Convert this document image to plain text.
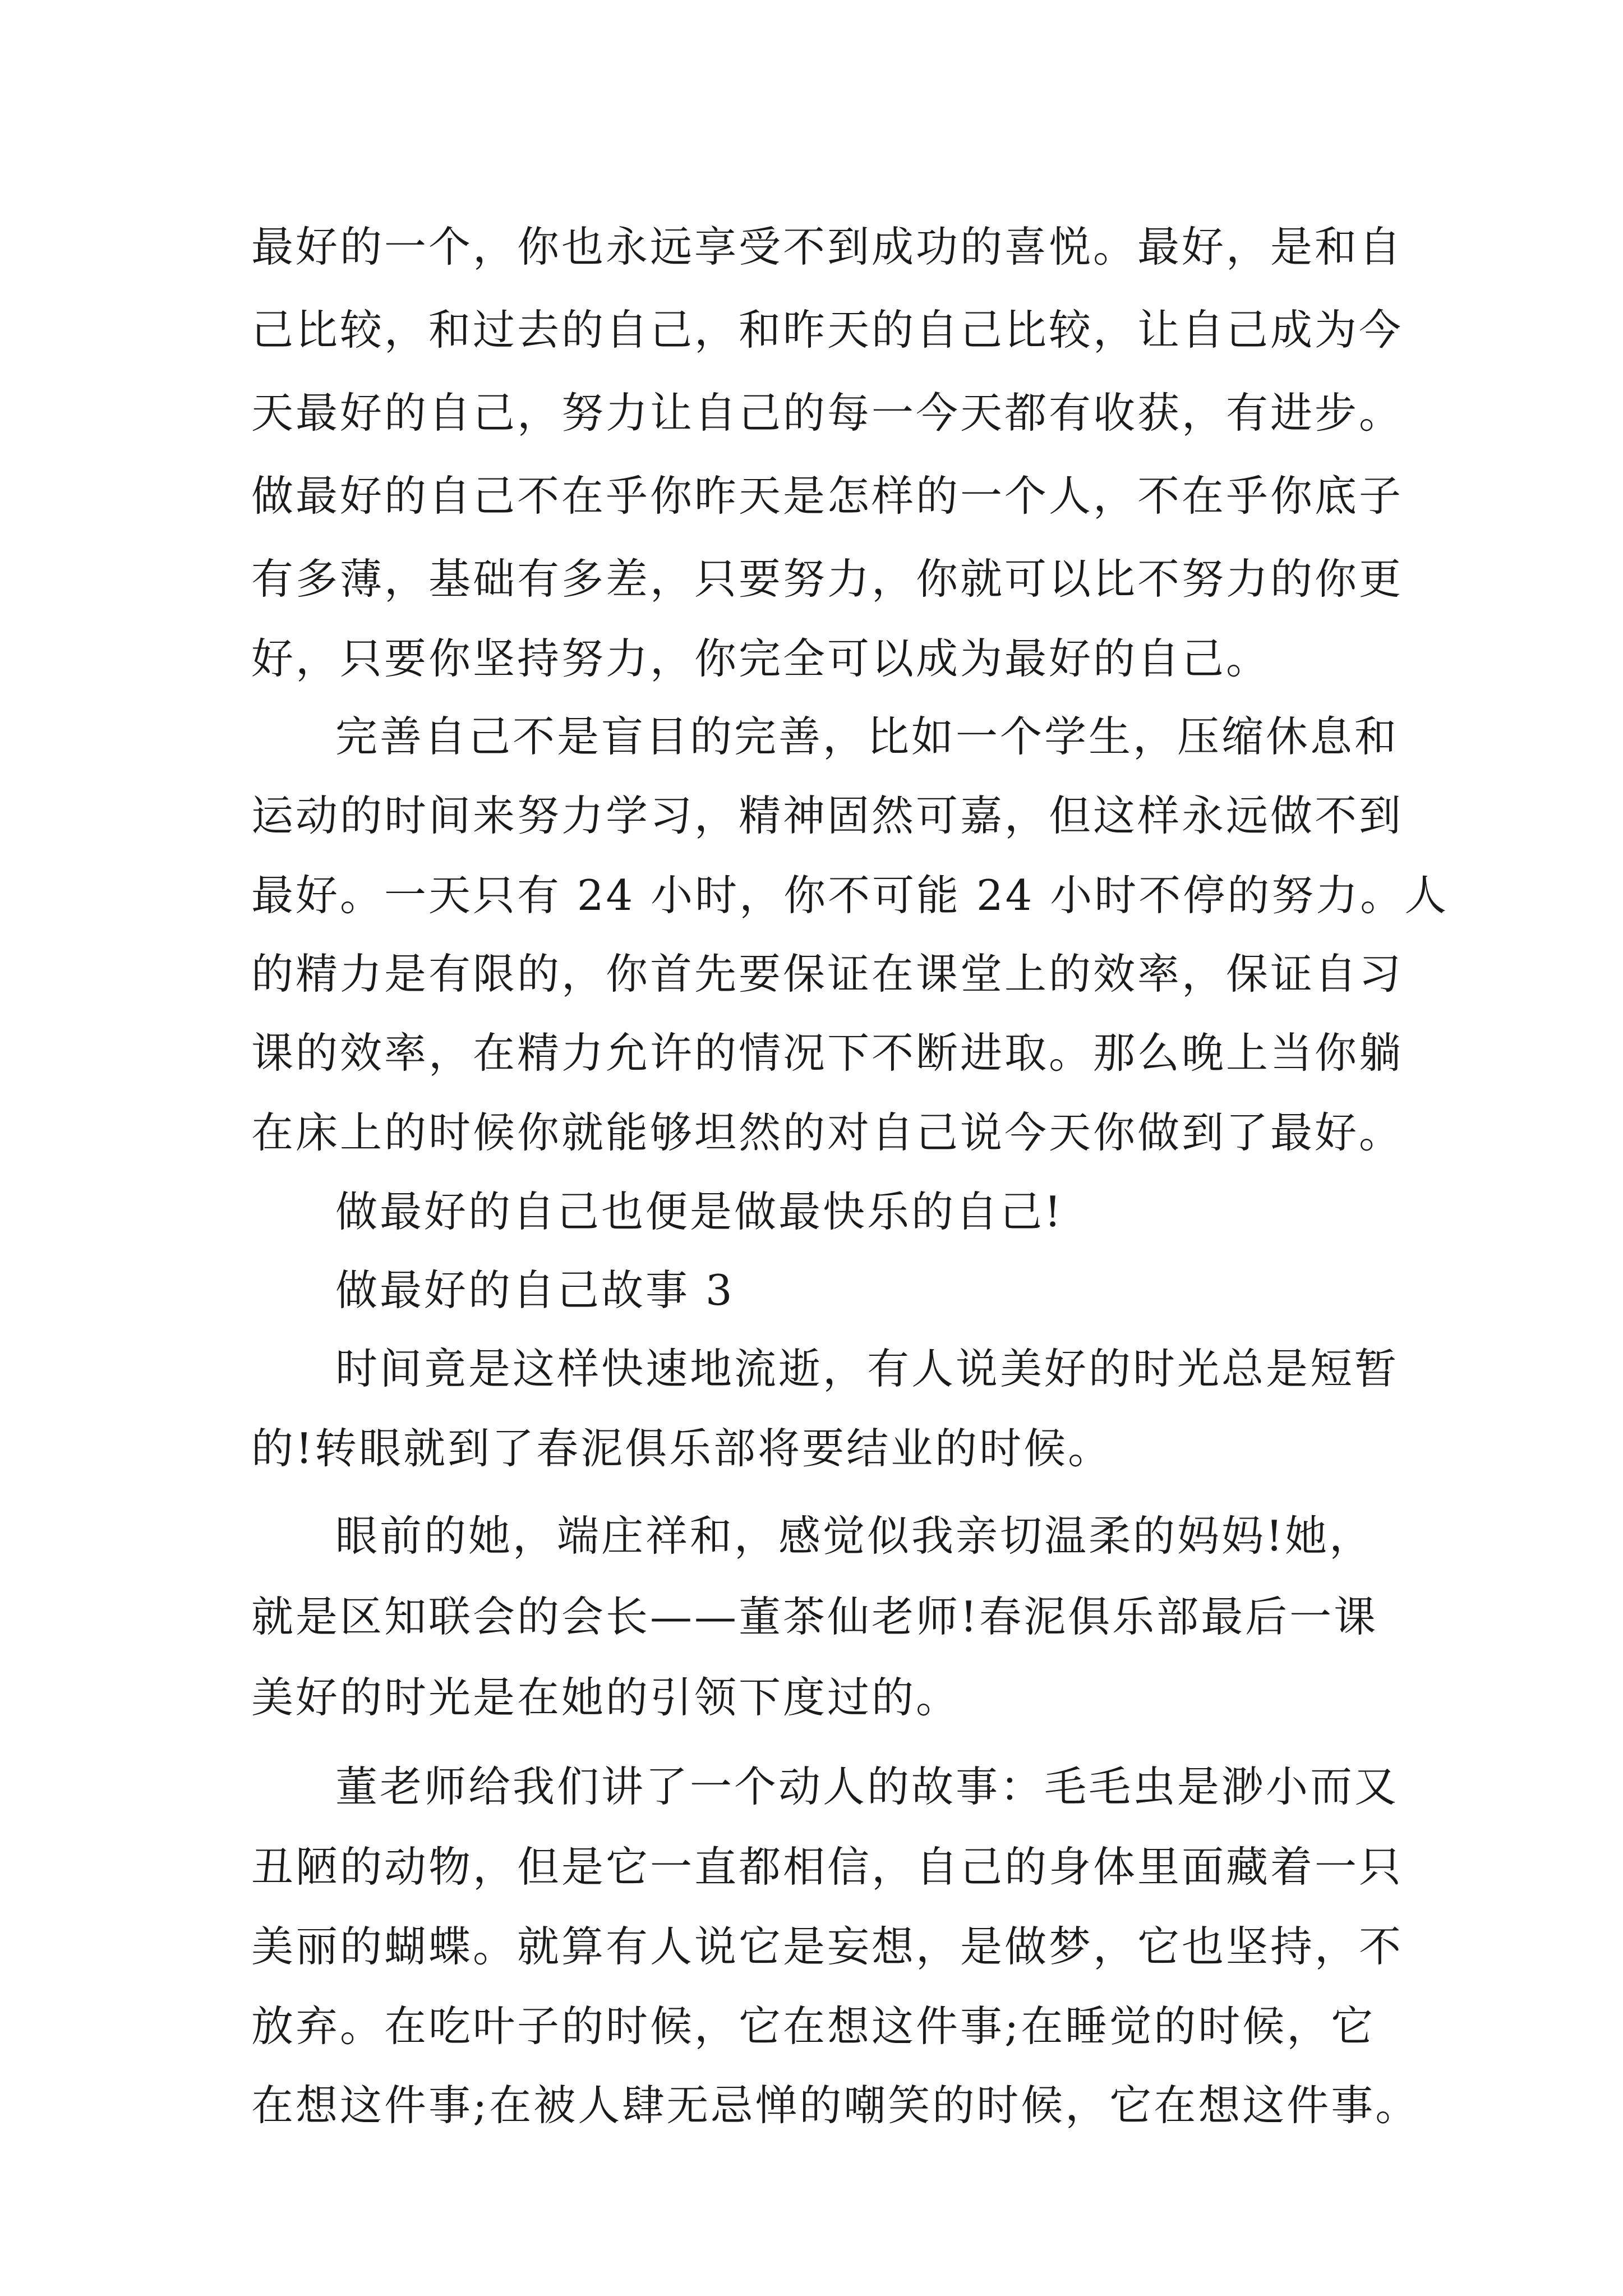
最好的一个，你也永远享受不到成功的喜悦。最好，是和自
己比较，和过去的自己，和昨天的自己比较，让自己成为今
天最好的自己，努力让自己的每一今天都有收获，有进步。
做最好的自己不在乎你昨天是怎样的一个人，不在乎你底子
有多薄，基础有多差，只要努力，你就可以比不努力的你更
好，只要你坚持努力，你完全可以成为最好的自己。
完善自己不是盲目的完善，比如一个学生，压缩休息和
运动的时间来努力学习，精神固然可嘉，但这样永远做不到
最好。一天只有 24 小时，你不可能 24 小时不停的努力。人
的精力是有限的，你首先要保证在课堂上的效率，保证自习
课的效率，在精力允许的情况下不断进取。那么晚上当你躺
在床上的时候你就能够坦然的对自己说今天你做到了最好。
做最好的自己也便是做最快乐的自己!
做最好的自己故事 3
时间竟是这样快速地流逝，有人说美好的时光总是短暂
的!转眼就到了春泥俱乐部将要结业的时候。
眼前的她，端庄祥和，感觉似我亲切温柔的妈妈!她，
就是区知联会的会长——董茶仙老师!春泥俱乐部最后一课
美好的时光是在她的引领下度过的。
董老师给我们讲了一个动人的故事：毛毛虫是渺小而又
丑陋的动物，但是它一直都相信，自己的身体里面藏着一只
美丽的蝴蝶。就算有人说它是妄想，是做梦，它也坚持，不
放弃。在吃叶子的时候，它在想这件事;在睡觉的时候，它
在想这件事;在被人肆无忌惮的嘲笑的时候，它在想这件事。
